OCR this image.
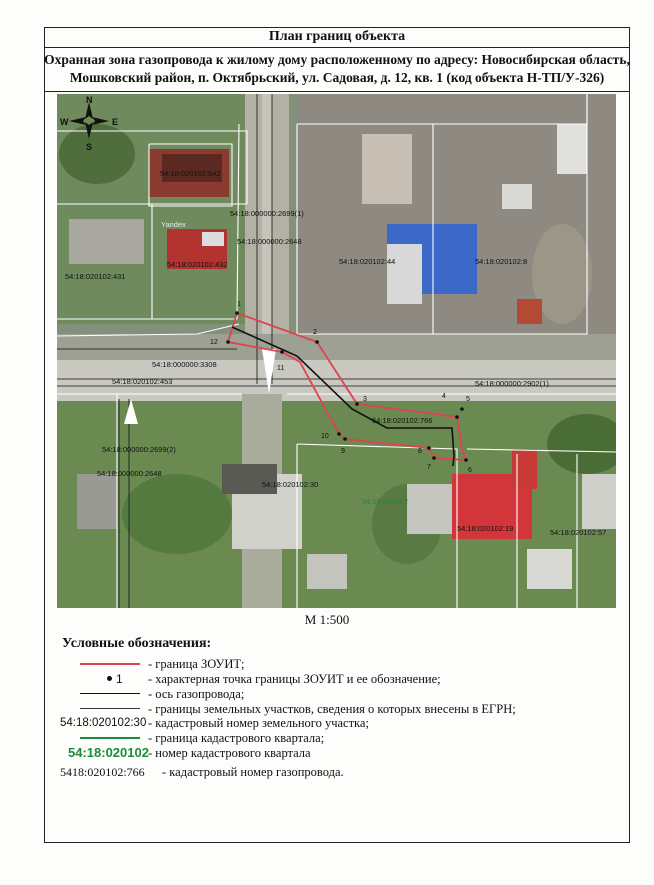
План границ объекта
Охранная зона газопровода к жилому дому расположенному по адресу: Новосибирская область,
Мошковский район, п. Октябрьский, ул. Садовая, д. 12, кв. 1 (код объекта Н-ТП/У-326)
1
2
3	4	5
6
7
8
9
10
11
12
N
S
W	E
54:18:020102:542
54:18:000000:2699(1)
Yandex
54:18:000000:2648
54:18:020102:431
54:18:020102:432	54:18:020102:44	54:18:020102:8
54:18:000000:3308
54:18:020102:453	54:18:000000:2902(1)
54:18:020102:766
54:18:000000:2699(2)
54:18:000000:2648
54:18:020102:30
54:18:020102
54:18:020102:19	54:18:020102:57
М 1:500
Условные обозначения:
- граница ЗОУИТ;
1 - характерная точка границы ЗОУИТ и ее обозначение;
- ось газопровода;
- границы земельных участков, сведения о которых внесены в ЕГРН;
54:18:020102:30 - кадастровый номер земельного участка;
- граница кадастрового квартала;
54:18:020102 - номер кадастрового квартала
5418:020102:766 - кадастровый номер газопровода.
